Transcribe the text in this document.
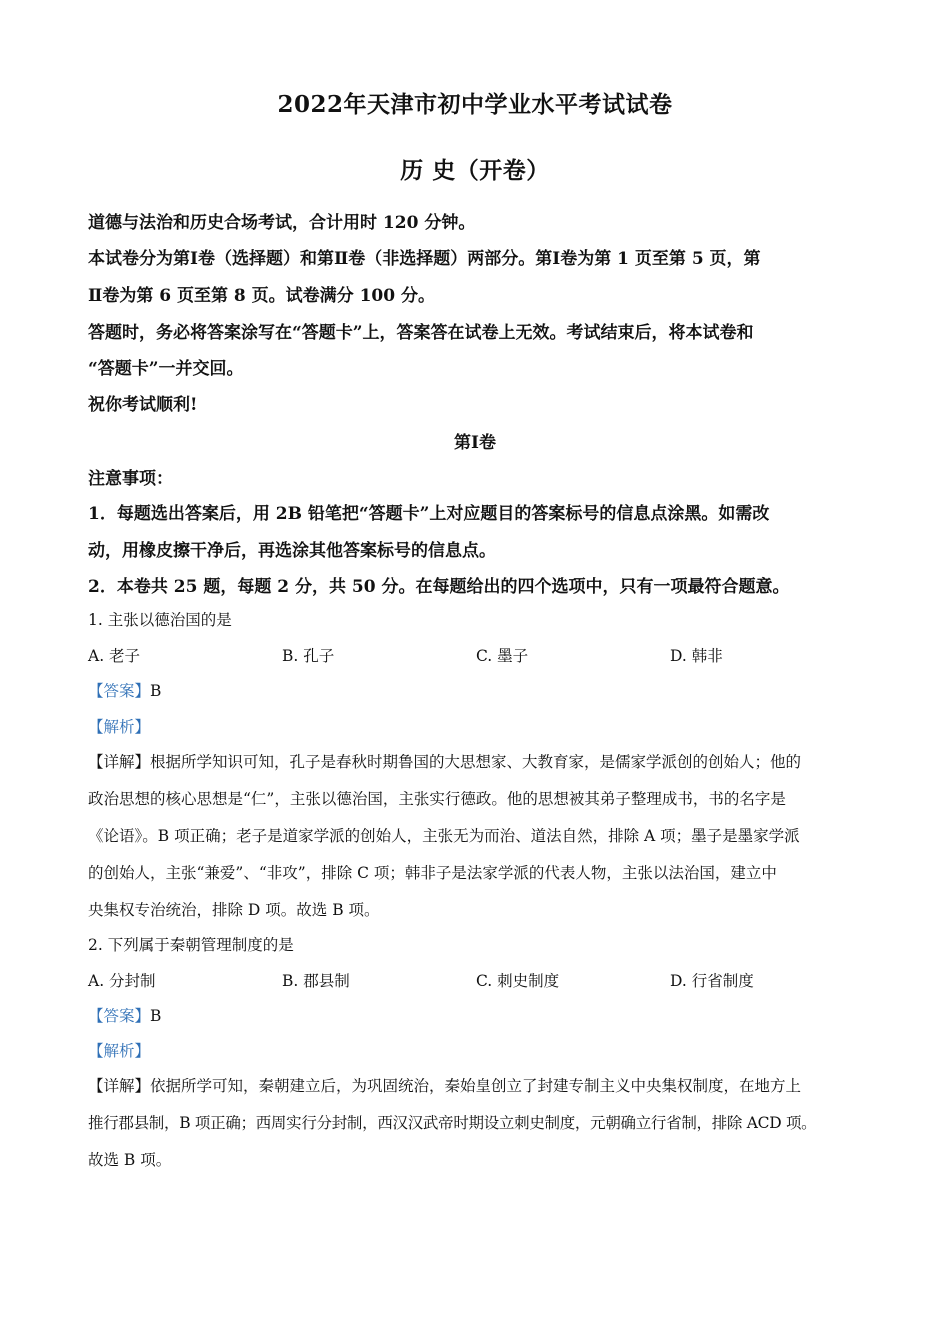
2022年天津市初中学业水平考试试卷
历 史（开卷）
道德与法治和历史合场考试，合计用时 120 分钟。
本试卷分为第Ⅰ卷（选择题）和第Ⅱ卷（非选择题）两部分。第Ⅰ卷为第 1 页至第 5 页，第
Ⅱ卷为第 6 页至第 8 页。试卷满分 100 分。
答题时，务必将答案涂写在“答题卡”上，答案答在试卷上无效。考试结束后，将本试卷和
“答题卡”一并交回。
祝你考试顺利!
第Ⅰ卷
注意事项：
1．每题选出答案后，用 2B 铅笔把“答题卡”上对应题目的答案标号的信息点涂黑。如需改
动，用橡皮擦干净后，再选涂其他答案标号的信息点。
2．本卷共 25 题，每题 2 分，共 50 分。在每题给出的四个选项中，只有一项最符合题意。
1. 主张以德治国的是
A. 老子	B. 孔子	C. 墨子	D. 韩非
【答案】B
【解析】
【详解】根据所学知识可知，孔子是春秋时期鲁国的大思想家、大教育家，是儒家学派创的创始人；他的
政治思想的核心思想是“仁”，主张以德治国，主张实行德政。他的思想被其弟子整理成书，书的名字是
《论语》。B 项正确；老子是道家学派的创始人，主张无为而治、道法自然，排除 A 项；墨子是墨家学派
的创始人，主张“兼爱”、“非攻”，排除 C 项；韩非子是法家学派的代表人物，主张以法治国，建立中
央集权专治统治，排除 D 项。故选 B 项。
2. 下列属于秦朝管理制度的是
A. 分封制	B. 郡县制	C. 刺史制度	D. 行省制度
【答案】B
【解析】
【详解】依据所学可知，秦朝建立后，为巩固统治，秦始皇创立了封建专制主义中央集权制度，在地方上
推行郡县制，B 项正确；西周实行分封制，西汉汉武帝时期设立刺史制度，元朝确立行省制，排除 ACD 项。
故选 B 项。
